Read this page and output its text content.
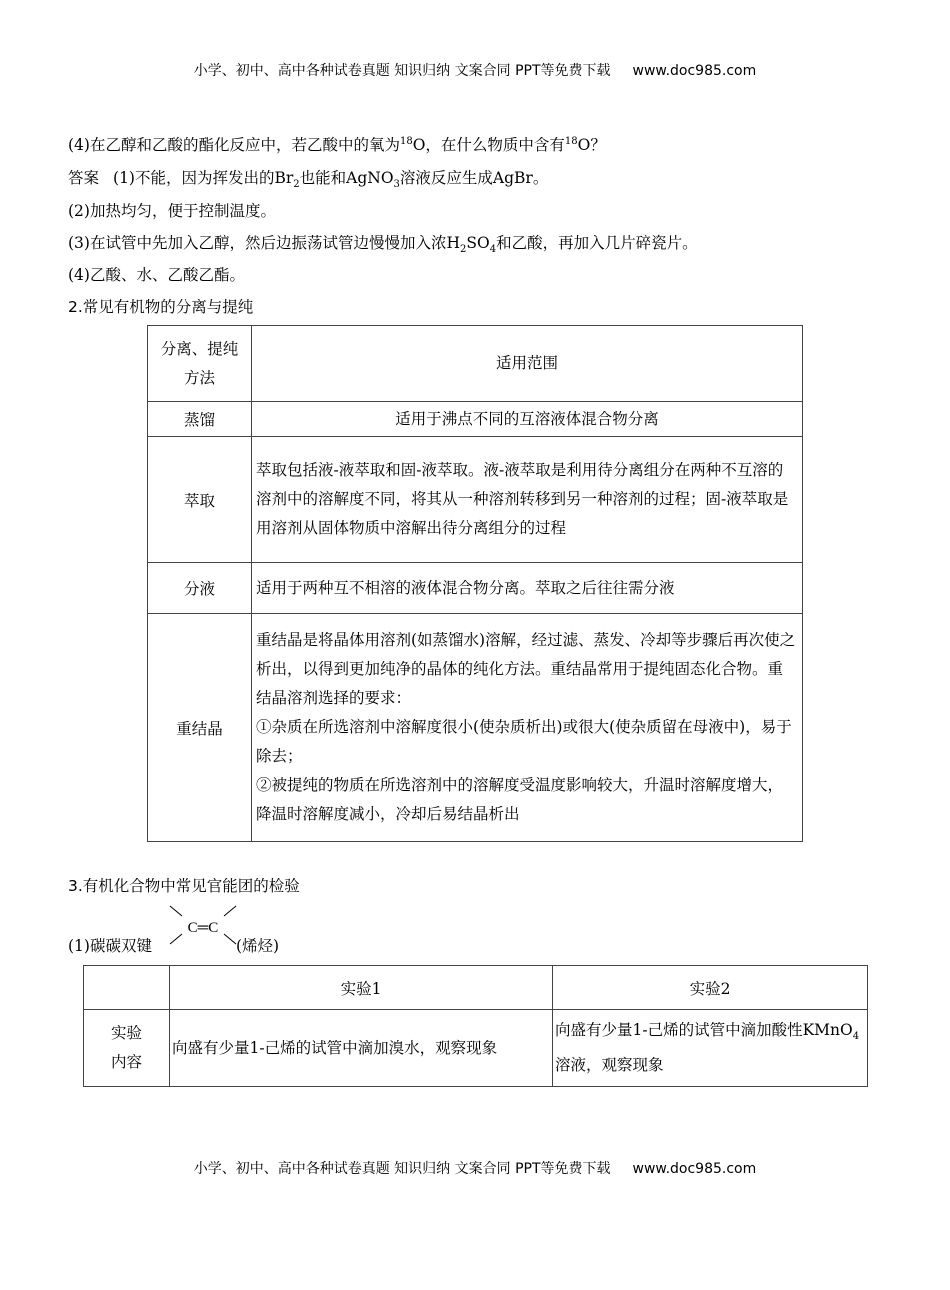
小学、初中、高中各种试卷真题 知识归纳 文案合同 PPT等免费下载 www.doc985.com
(4)在乙醇和乙酸的酯化反应中，若乙酸中的氧为$^{18}$O，在什么物质中含有$^{18}$O？
答案 (1)不能，因为挥发出的$Br_2$也能和AgNO$_3$溶液反应生成AgBr。
(2)加热均匀，便于控制温度。
(3)在试管中先加入乙醇，然后边振荡试管边慢慢加入浓$H_2SO_4$和乙酸，再加入几片碎瓷片。
(4)乙酸、水、乙酸乙酯。
2.常见有机物的分离与提纯
分离、提纯方法	适用范围
蒸馏	适用于沸点不同的互溶液体混合物分离
萃取	萃取包括液-液萃取和固-液萃取。液-液萃取是利用待分离组分在两种不互溶的溶剂中的溶解度不同，将其从一种溶剂转移到另一种溶剂的过程；固-液萃取是用溶剂从固体物质中溶解出待分离组分的过程
分液	适用于两种互不相溶的液体混合物分离。萃取之后往往需分液
重结晶	重结晶是将晶体用溶剂(如蒸馏水)溶解，经过滤、蒸发、冷却等步骤后再次使之析出，以得到更加纯净的晶体的纯化方法。重结晶常用于提纯固态化合物。重结晶溶剂选择的要求：
①杂质在所选溶剂中溶解度很小(使杂质析出)或很大(使杂质留在母液中)，易于除去；
②被提纯的物质在所选溶剂中的溶解度受温度影响较大，升温时溶解度增大，降温时溶解度减小，冷却后易结晶析出
3.有机化合物中常见官能团的检验
(1)碳碳双键	(烯烃)
C═C
	实验1	实验2
实验内容	向盛有少量1-己烯的试管中滴加溴水，观察现象	向盛有少量1-己烯的试管中滴加酸性KMnO$_4$溶液，观察现象
小学、初中、高中各种试卷真题 知识归纳 文案合同 PPT等免费下载 www.doc985.com
